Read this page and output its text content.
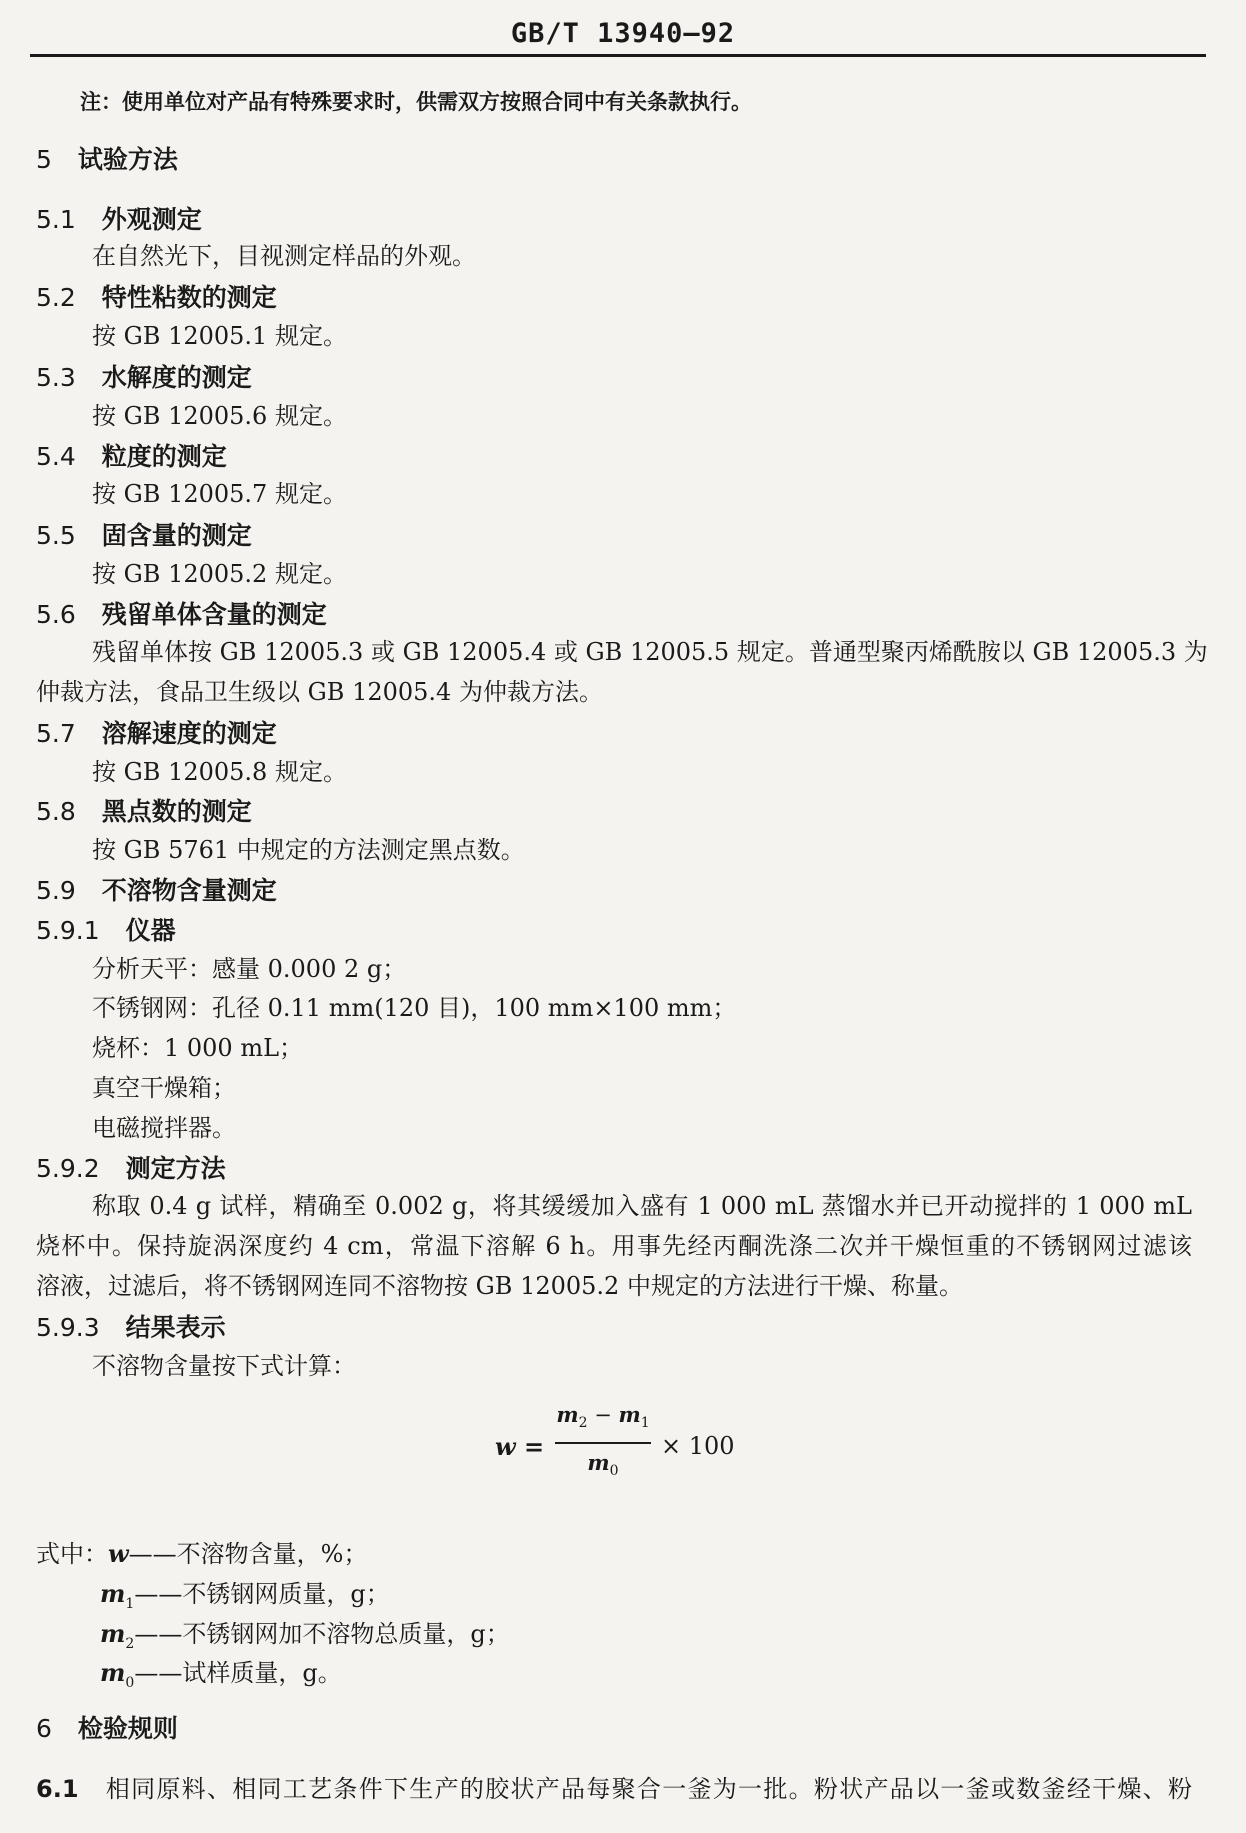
GB/T 13940—92
注：使用单位对产品有特殊要求时，供需双方按照合同中有关条款执行。
5 试验方法
5.1 外观测定
在自然光下，目视测定样品的外观。
5.2 特性粘数的测定
按 GB 12005.1 规定。
5.3 水解度的测定
按 GB 12005.6 规定。
5.4 粒度的测定
按 GB 12005.7 规定。
5.5 固含量的测定
按 GB 12005.2 规定。
5.6 残留单体含量的测定
残留单体按 GB 12005.3 或 GB 12005.4 或 GB 12005.5 规定。普通型聚丙烯酰胺以 GB 12005.3 为
仲裁方法，食品卫生级以 GB 12005.4 为仲裁方法。
5.7 溶解速度的测定
按 GB 12005.8 规定。
5.8 黑点数的测定
按 GB 5761 中规定的方法测定黑点数。
5.9 不溶物含量测定
5.9.1 仪器
分析天平：感量 0.000 2 g；
不锈钢网：孔径 0.11 mm(120 目)，100 mm×100 mm；
烧杯：1 000 mL；
真空干燥箱；
电磁搅拌器。
5.9.2 测定方法
称取 0.4 g 试样，精确至 0.002 g，将其缓缓加入盛有 1 000 mL 蒸馏水并已开动搅拌的 1 000 mL
烧杯中。保持旋涡深度约 4 cm，常温下溶解 6 h。用事先经丙酮洗涤二次并干燥恒重的不锈钢网过滤该
溶液，过滤后，将不锈钢网连同不溶物按 GB 12005.2 中规定的方法进行干燥、称量。
5.9.3 结果表示
不溶物含量按下式计算：
w =
$m_2 - m_1$
$m_0$
× 100
式中：w——不溶物含量，%；
$m_1——$不锈钢网质量，g；
$m_2——$不锈钢网加不溶物总质量，g；
$m_0——$试样质量，g。
6 检验规则
6.1 相同原料、相同工艺条件下生产的胶状产品每聚合一釜为一批。粉状产品以一釜或数釜经干燥、粉
